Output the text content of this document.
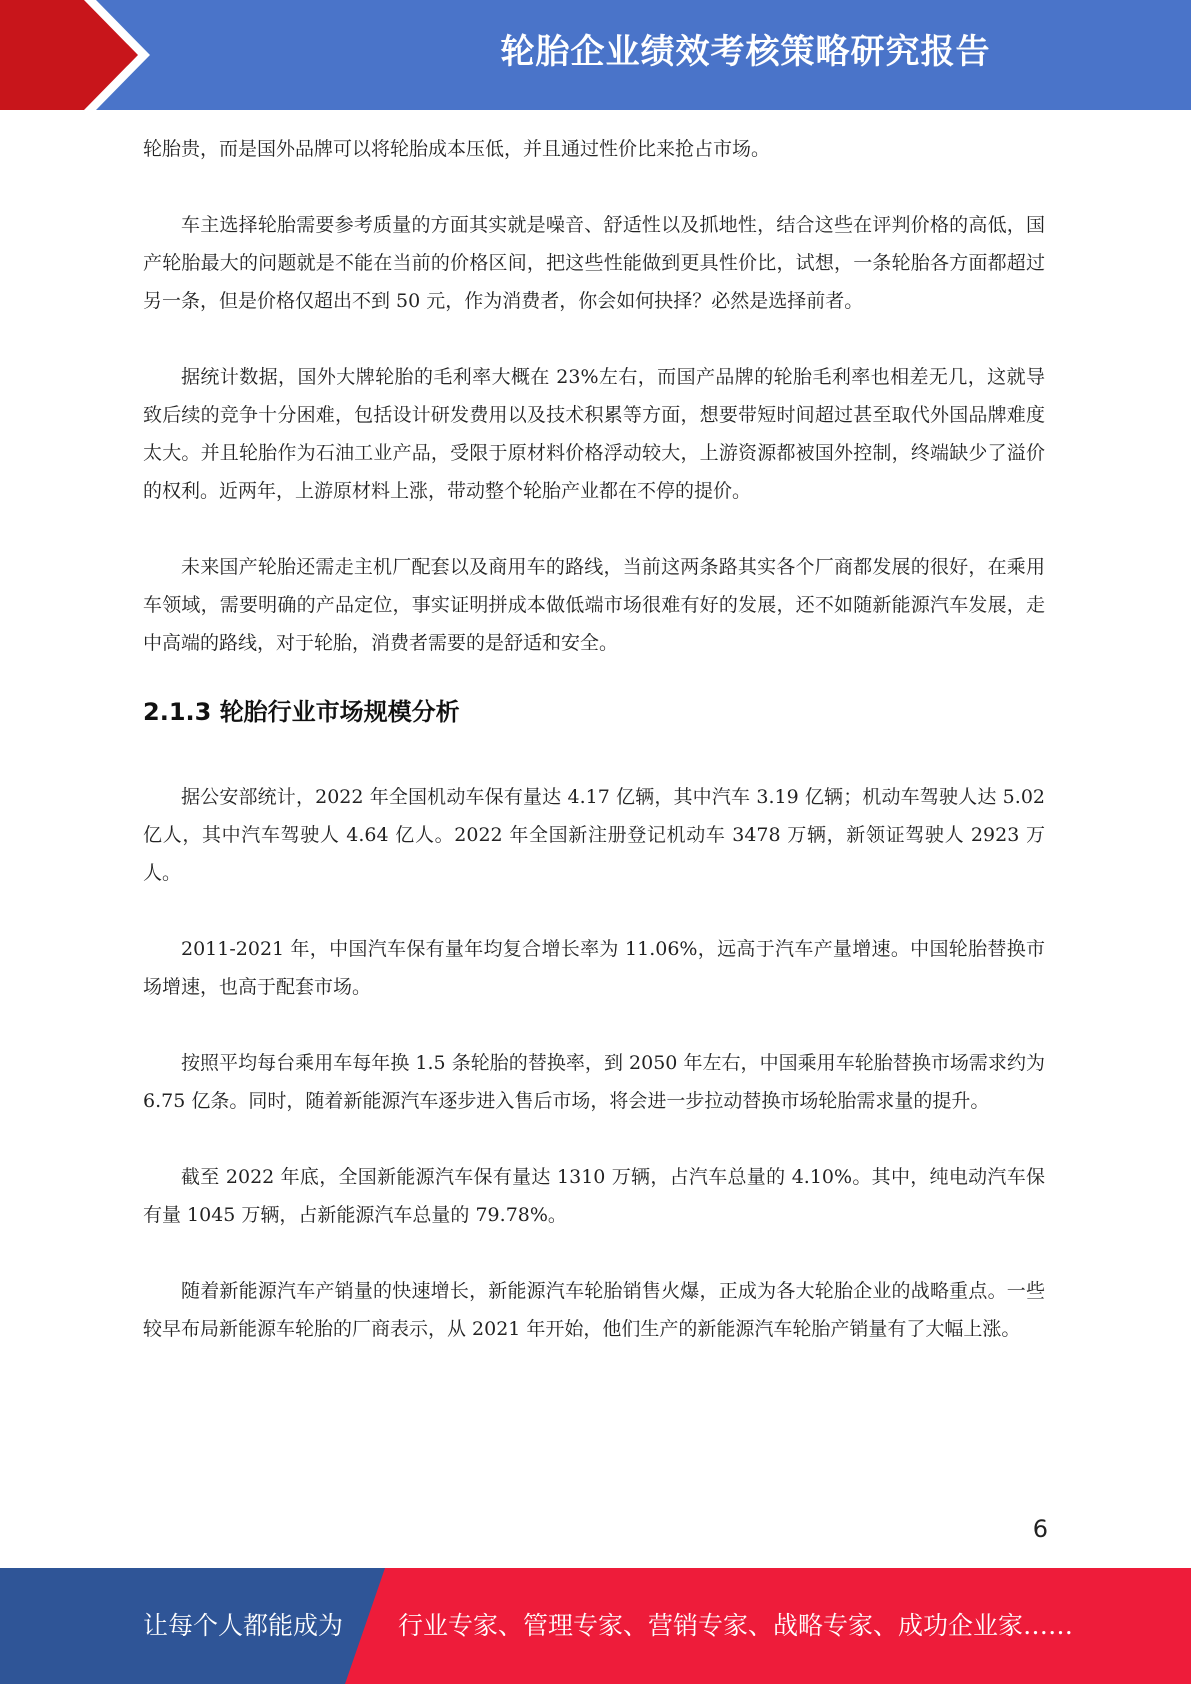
轮胎企业绩效考核策略研究报告

轮胎贵，而是国外品牌可以将轮胎成本压低，并且通过性价比来抢占市场。

车主选择轮胎需要参考质量的方面其实就是噪音、舒适性以及抓地性，结合这些在评判价格的高低，国产轮胎最大的问题就是不能在当前的价格区间，把这些性能做到更具性价比，试想，一条轮胎各方面都超过另一条，但是价格仅超出不到 50 元，作为消费者，你会如何抉择？必然是选择前者。

据统计数据，国外大牌轮胎的毛利率大概在 23%左右，而国产品牌的轮胎毛利率也相差无几，这就导致后续的竞争十分困难，包括设计研发费用以及技术积累等方面，想要带短时间超过甚至取代外国品牌难度太大。并且轮胎作为石油工业产品，受限于原材料价格浮动较大，上游资源都被国外控制，终端缺少了溢价的权利。近两年，上游原材料上涨，带动整个轮胎产业都在不停的提价。

未来国产轮胎还需走主机厂配套以及商用车的路线，当前这两条路其实各个厂商都发展的很好，在乘用车领域，需要明确的产品定位，事实证明拼成本做低端市场很难有好的发展，还不如随新能源汽车发展，走中高端的路线，对于轮胎，消费者需要的是舒适和安全。

2.1.3 轮胎行业市场规模分析

据公安部统计，2022 年全国机动车保有量达 4.17 亿辆，其中汽车 3.19 亿辆；机动车驾驶人达 5.02 亿人，其中汽车驾驶人 4.64 亿人。2022 年全国新注册登记机动车 3478 万辆，新领证驾驶人 2923 万人。

2011-2021 年，中国汽车保有量年均复合增长率为 11.06%，远高于汽车产量增速。中国轮胎替换市场增速，也高于配套市场。

按照平均每台乘用车每年换 1.5 条轮胎的替换率，到 2050 年左右，中国乘用车轮胎替换市场需求约为 6.75 亿条。同时，随着新能源汽车逐步进入售后市场，将会进一步拉动替换市场轮胎需求量的提升。

截至 2022 年底，全国新能源汽车保有量达 1310 万辆，占汽车总量的 4.10%。其中，纯电动汽车保有量 1045 万辆，占新能源汽车总量的 79.78%。

随着新能源汽车产销量的快速增长，新能源汽车轮胎销售火爆，正成为各大轮胎企业的战略重点。一些较早布局新能源车轮胎的厂商表示，从 2021 年开始，他们生产的新能源汽车轮胎产销量有了大幅上涨。

6
让每个人都能成为 行业专家、管理专家、营销专家、战略专家、成功企业家……
